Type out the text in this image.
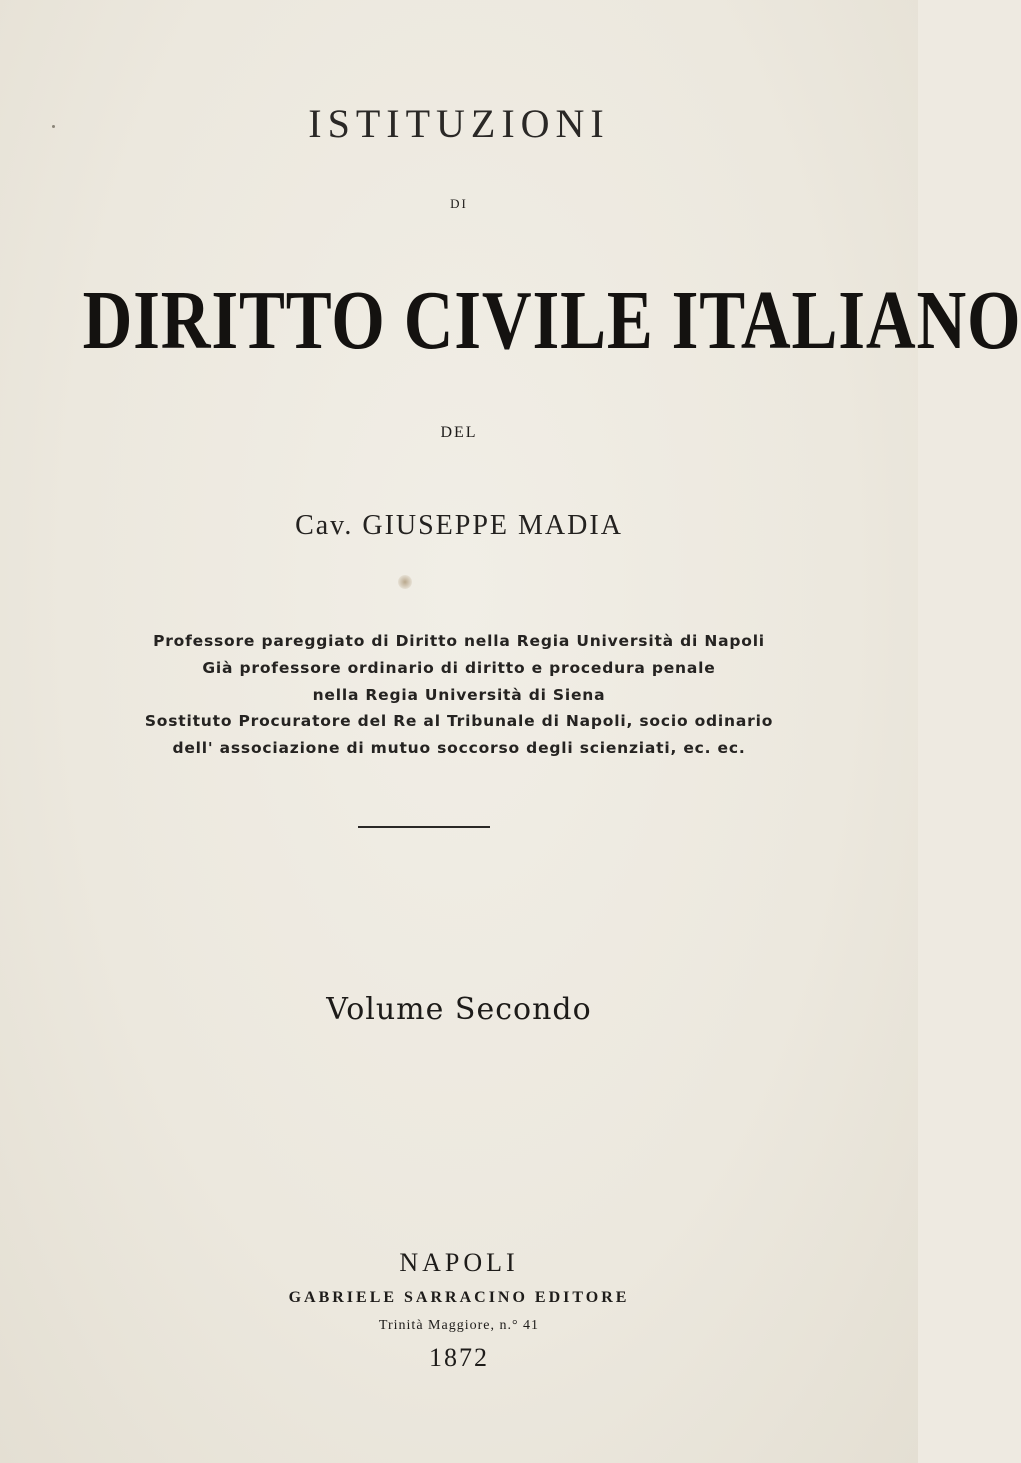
ISTITUZIONI
DI
DIRITTO CIVILE ITALIANO
DEL
Cav. GIUSEPPE MADIA
Professore pareggiato di Diritto nella Regia Università di Napoli
Già professore ordinario di diritto e procedura penale
nella Regia Università di Siena
Sostituto Procuratore del Re al Tribunale di Napoli, socio odinario
dell' associazione di mutuo soccorso degli scienziati, ec. ec.
Volume Secondo
NAPOLI
GABRIELE SARRACINO EDITORE
Trinità Maggiore, n.° 41
1872
